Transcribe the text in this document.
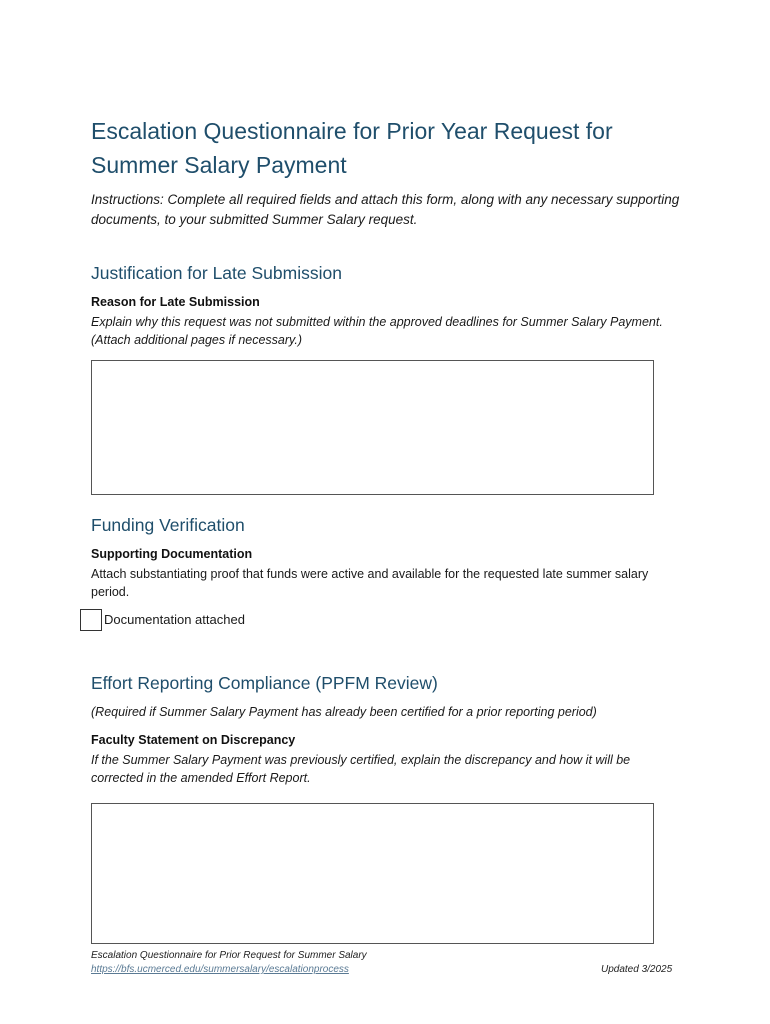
Escalation Questionnaire for Prior Year Request for Summer Salary Payment

Instructions: Complete all required fields and attach this form, along with any necessary supporting documents, to your submitted Summer Salary request.

Justification for Late Submission
Reason for Late Submission

Explain why this request was not submitted within the approved deadlines for Summer Salary Payment. (Attach additional pages if necessary.)

Funding Verification
Supporting Documentation

Attach substantiating proof that funds were active and available for the requested late summer salary period.

Documentation attached
Effort Reporting Compliance (PPFM Review)

(Required if Summer Salary Payment has already been certified for a prior reporting period)

Faculty Statement on Discrepancy

If the Summer Salary Payment was previously certified, explain the discrepancy and how it will be corrected in the amended Effort Report.

Escalation Questionnaire for Prior Request for Summer Salary
https://bfs.ucmerced.edu/summersalary/escalationprocess	Updated 3/2025
